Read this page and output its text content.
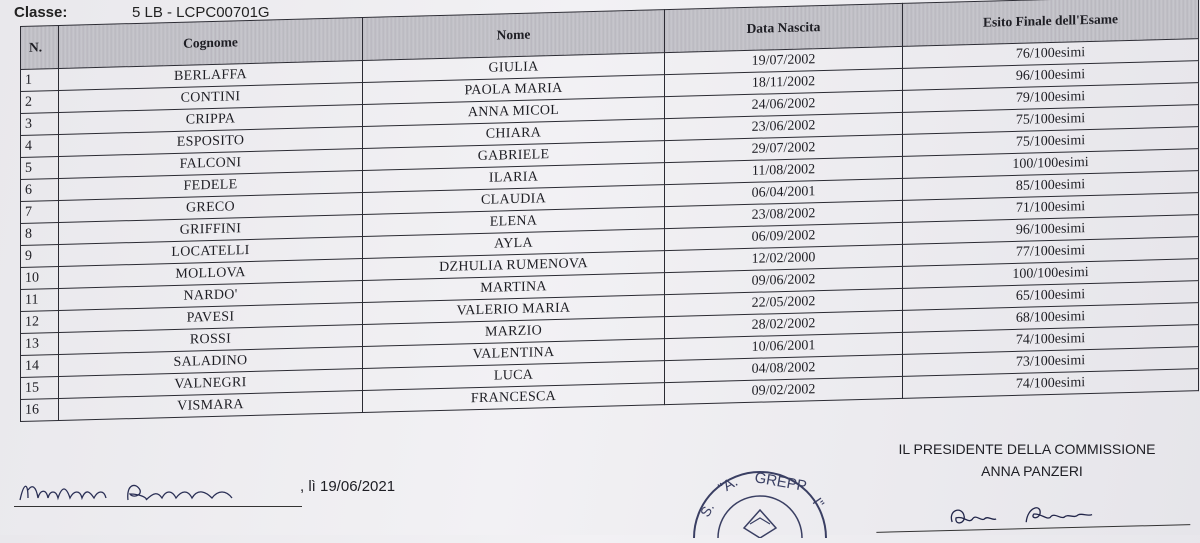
Classe:	5 LB - LCPC00701G
N.	Cognome	Nome	Data Nascita	Esito Finale dell'Esame
1	BERLAFFA	GIULIA	19/07/2002	76/100esimi
2	CONTINI	PAOLA MARIA	18/11/2002	96/100esimi
3	CRIPPA	ANNA MICOL	24/06/2002	79/100esimi
4	ESPOSITO	CHIARA	23/06/2002	75/100esimi
5	FALCONI	GABRIELE	29/07/2002	75/100esimi
6	FEDELE	ILARIA	11/08/2002	100/100esimi
7	GRECO	CLAUDIA	06/04/2001	85/100esimi
8	GRIFFINI	ELENA	23/08/2002	71/100esimi
9	LOCATELLI	AYLA	06/09/2002	96/100esimi
10	MOLLOVA	DZHULIA RUMENOVA	12/02/2000	77/100esimi
11	NARDO'	MARTINA	09/06/2002	100/100esimi
12	PAVESI	VALERIO MARIA	22/05/2002	65/100esimi
13	ROSSI	MARZIO	28/02/2002	68/100esimi
14	SALADINO	VALENTINA	10/06/2001	74/100esimi
15	VALNEGRI	LUCA	04/08/2002	73/100esimi
16	VISMARA	FRANCESCA	09/02/2002	74/100esimi
, lì 19/06/2021
S.
"A. GREPP
I"
IL PRESIDENTE DELLA COMMISSIONE
ANNA PANZERI
